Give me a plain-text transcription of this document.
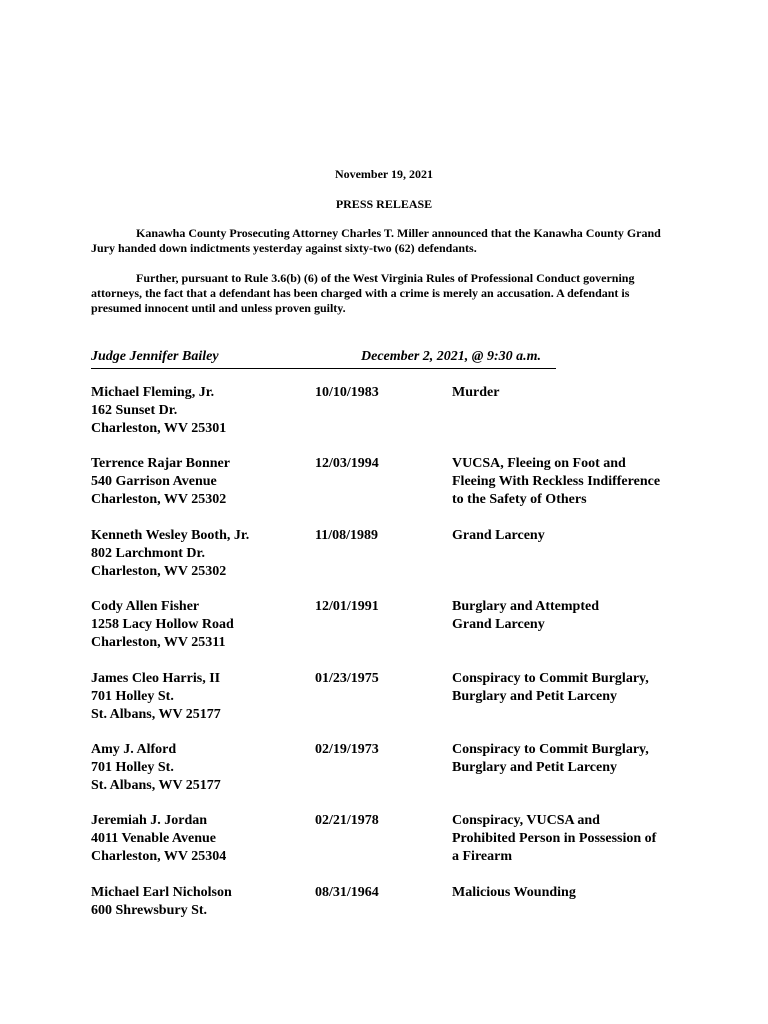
November 19, 2021
PRESS RELEASE
Kanawha County Prosecuting Attorney Charles T. Miller announced that the Kanawha County Grand Jury handed down indictments yesterday against sixty-two (62) defendants.
Further, pursuant to Rule 3.6(b) (6) of the West Virginia Rules of Professional Conduct governing attorneys, the fact that a defendant has been charged with a crime is merely an accusation. A defendant is presumed innocent until and unless proven guilty.
Judge Jennifer Bailey	December 2, 2021, @ 9:30 a.m.
Michael Fleming, Jr.
162 Sunset Dr.
Charleston, WV 25301
10/10/1983	Murder
Terrence Rajar Bonner
540 Garrison Avenue
Charleston, WV 25302
12/03/1994	VUCSA, Fleeing on Foot and
Fleeing With Reckless Indifference
to the Safety of Others
Kenneth Wesley Booth, Jr.
802 Larchmont Dr.
Charleston, WV 25302
11/08/1989	Grand Larceny
Cody Allen Fisher
1258 Lacy Hollow Road
Charleston, WV 25311
12/01/1991	Burglary and Attempted
Grand Larceny
James Cleo Harris, II
701 Holley St.
St. Albans, WV 25177
01/23/1975	Conspiracy to Commit Burglary,
Burglary and Petit Larceny
Amy J. Alford
701 Holley St.
St. Albans, WV 25177
02/19/1973	Conspiracy to Commit Burglary,
Burglary and Petit Larceny
Jeremiah J. Jordan
4011 Venable Avenue
Charleston, WV 25304
02/21/1978	Conspiracy, VUCSA and
Prohibited Person in Possession of
a Firearm
Michael Earl Nicholson
600 Shrewsbury St.
08/31/1964	Malicious Wounding
